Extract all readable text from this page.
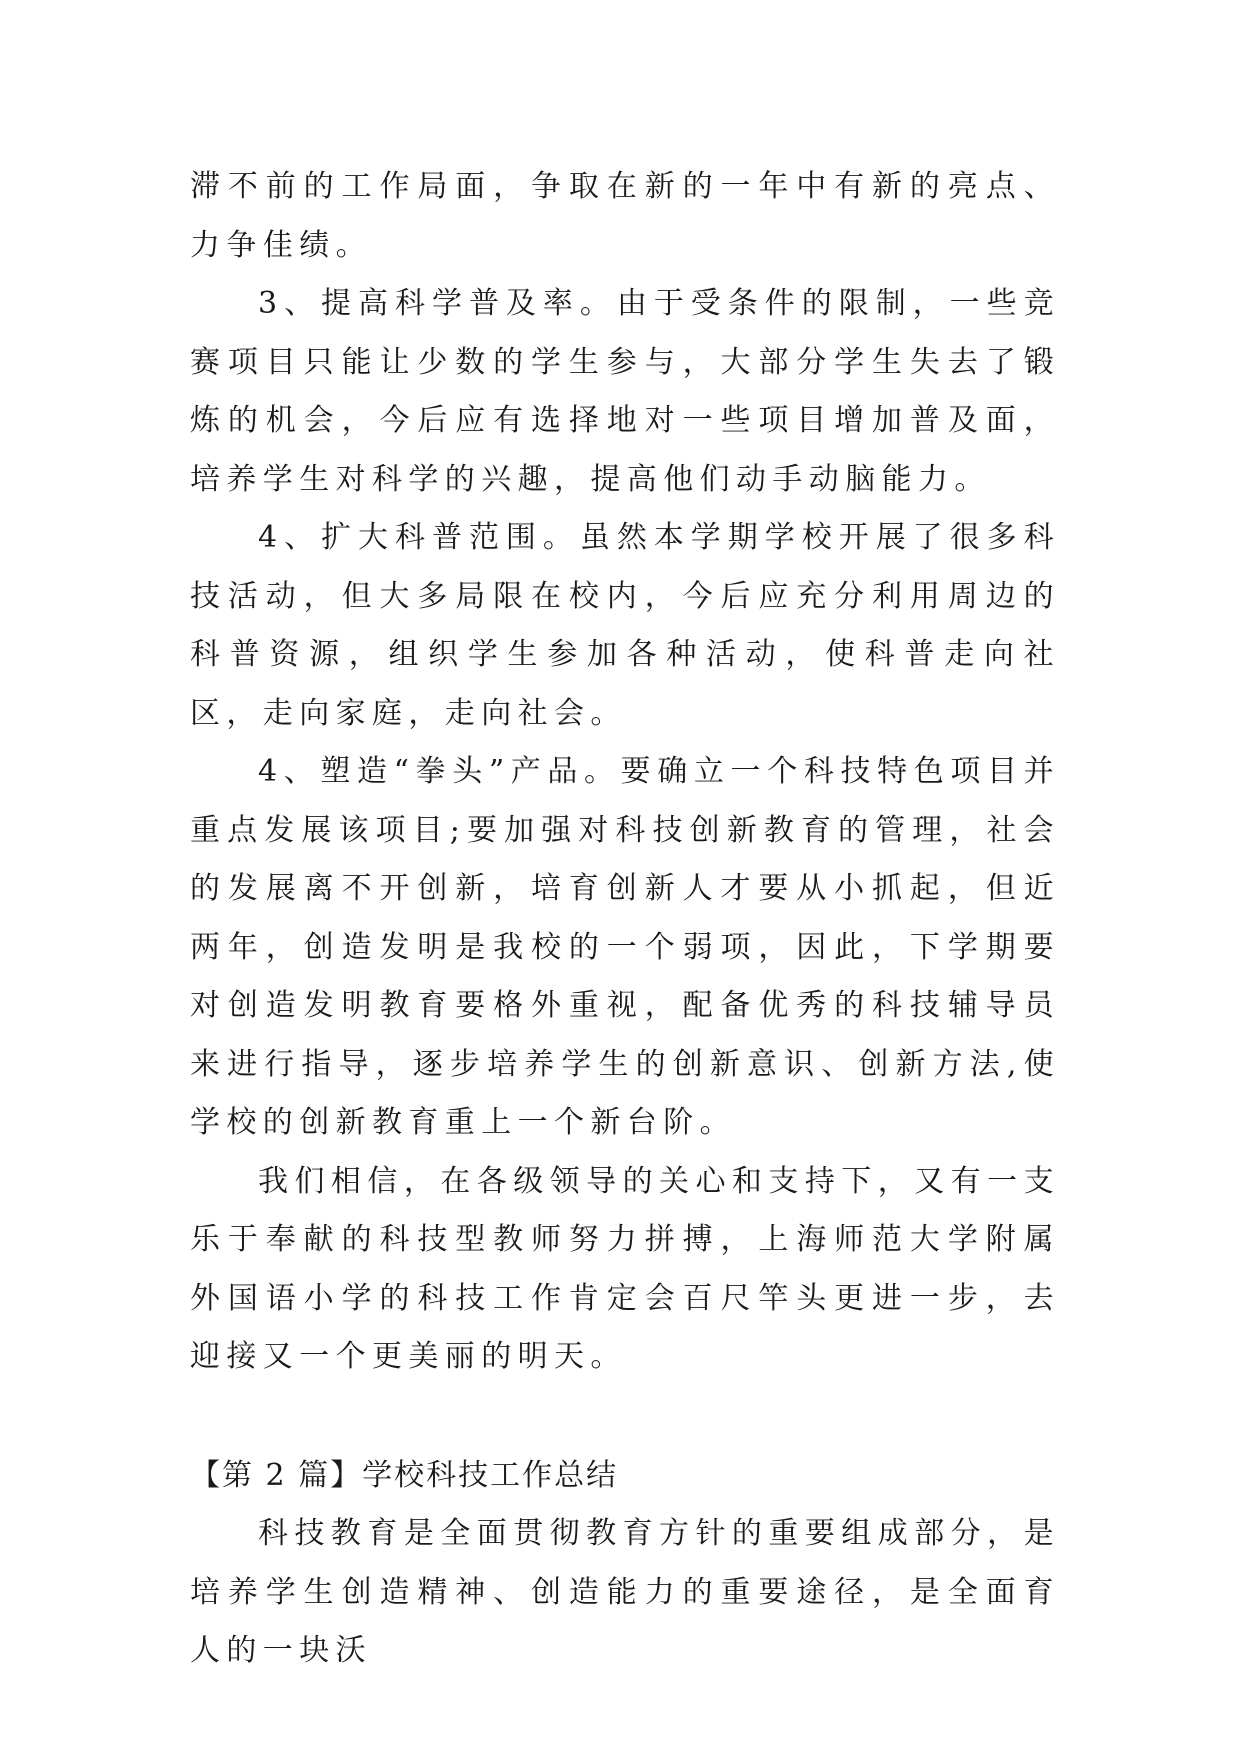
滞不前的工作局面，争取在新的一年中有新的亮点、力争佳绩。

3、提高科学普及率。由于受条件的限制，一些竞赛项目只能让少数的学生参与，大部分学生失去了锻炼的机会，今后应有选择地对一些项目增加普及面，培养学生对科学的兴趣，提高他们动手动脑能力。

4、扩大科普范围。虽然本学期学校开展了很多科技活动，但大多局限在校内，今后应充分利用周边的科普资源，组织学生参加各种活动，使科普走向社区，走向家庭，走向社会。

4、塑造“拳头”产品。要确立一个科技特色项目并重点发展该项目;要加强对科技创新教育的管理，社会的发展离不开创新，培育创新人才要从小抓起，但近两年，创造发明是我校的一个弱项，因此，下学期要对创造发明教育要格外重视，配备优秀的科技辅导员来进行指导，逐步培养学生的创新意识、创新方法,使学校的创新教育重上一个新台阶。

我们相信，在各级领导的关心和支持下，又有一支乐于奉献的科技型教师努力拼搏，上海师范大学附属外国语小学的科技工作肯定会百尺竿头更进一步，去迎接又一个更美丽的明天。

【第 2 篇】学校科技工作总结

科技教育是全面贯彻教育方针的重要组成部分，是培养学生创造精神、创造能力的重要途径，是全面育人的一块沃
